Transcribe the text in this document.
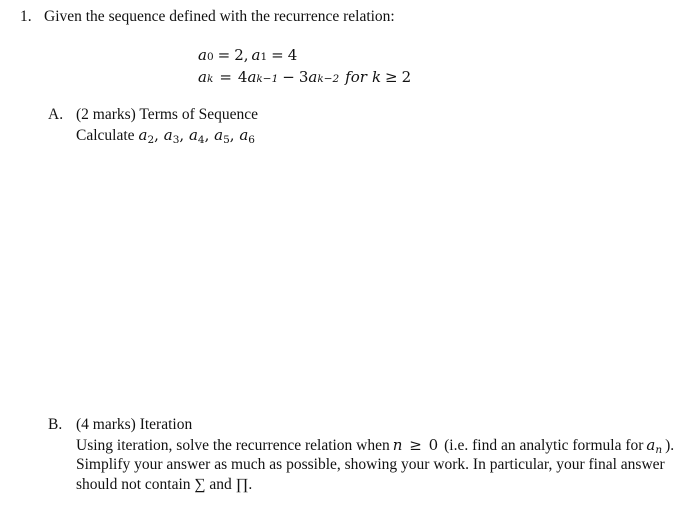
1. Given the sequence defined with the recurrence relation:
a 0 = 2, a 1 = 4
a k = 4 a k−1 − 3 a k−2 for k ≥ 2
A. (2 marks) Terms of Sequence
Calculate $a_2$, $a_3$, $a_4$, $a_5$, $a_6$
B. (4 marks) Iteration
Using iteration, solve the recurrence relation when n ≥ 0 (i.e. find an analytic formula for $a_n$ ).
Simplify your answer as much as possible, showing your work. In particular, your final answer
should not contain ∑ and ∏.
